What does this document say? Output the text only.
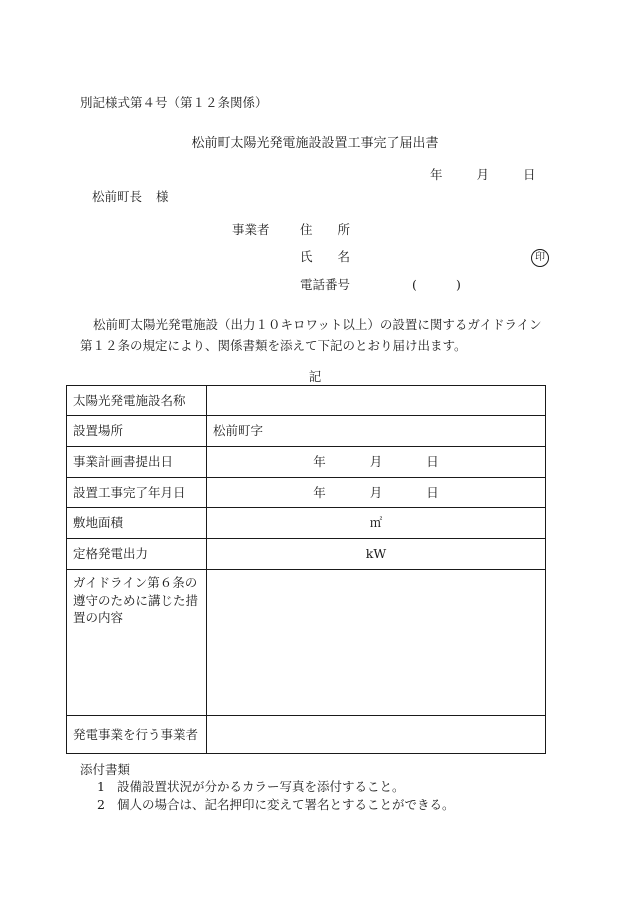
別記様式第４号（第１２条関係）
松前町太陽光発電施設設置工事完了届出書
年	月	日
松前町長 様
事業者 住　　所
氏　　名	印
電話番号	(	)
松前町太陽光発電施設（出力１０キロワット以上）の設置に関するガイドライン第１２条の規定により、関係書類を添えて下記のとおり届け出ます。
記
太陽光発電施設名称	
設置場所	松前町字
事業計画書提出日	年 月 日
設置工事完了年月日	年 月 日
敷地面積	㎡
定格発電出力	kW
ガイドライン第６条の遵守のために講じた措置の内容	
発電事業を行う事業者	
添付書類
1 設備設置状況が分かるカラー写真を添付すること。
2 個人の場合は、記名押印に変えて署名とすることができる。
